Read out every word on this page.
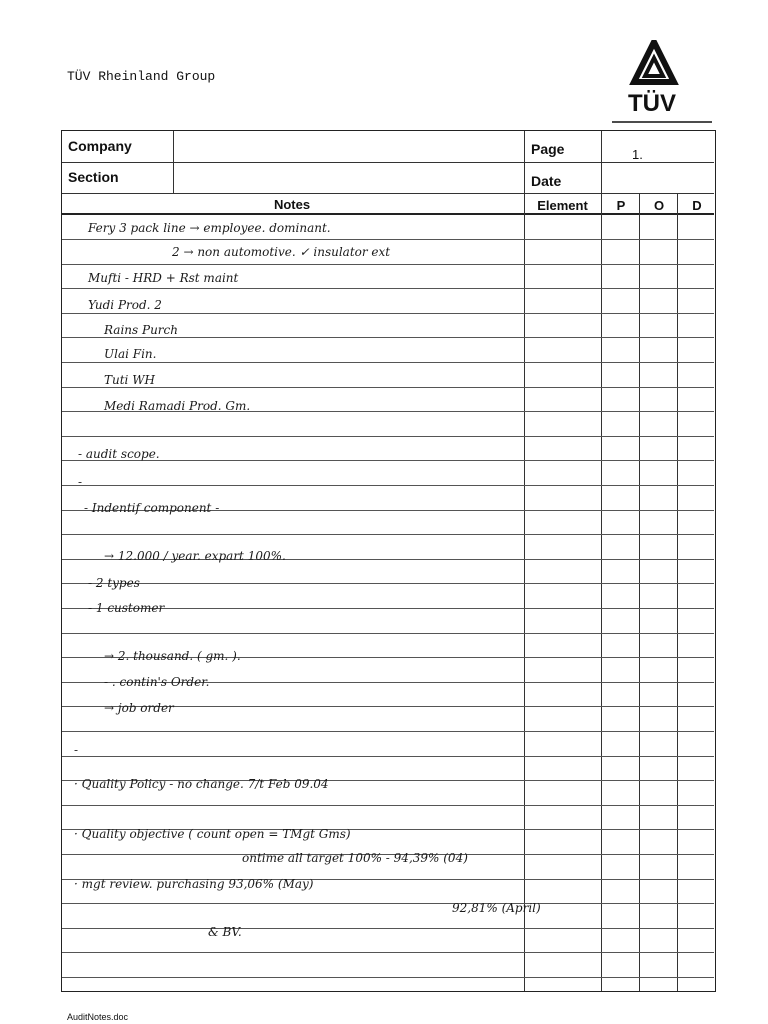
TÜV Rheinland Group
TÜV
Company
Section
Page	1.
Date
Notes	Element	P	O	D
Fery 3 pack line → employee. dominant.
2 → non automotive. ✓ insulator ext
Mufti - HRD + Rst maint
Yudi Prod. 2
Rains Purch
Ulai Fin.
Tuti WH
Medi Ramadi Prod. Gm.
- audit scope.
-
- Indentif component -
→ 12.000 / year. expart 100%.
- 2 types
- 1 customer
→ 2. thousand. ( gm. ).
- . contin's Order.
→ job order
-
· Quality Policy - no change. 7/t Feb 09.04
· Quality objective ( count open = TMgt Gms)
ontime all target 100% - 94,39% (04)
· mgt review. purchasing 93,06% (May)
92,81% (April)
& BV.
AuditNotes.doc
